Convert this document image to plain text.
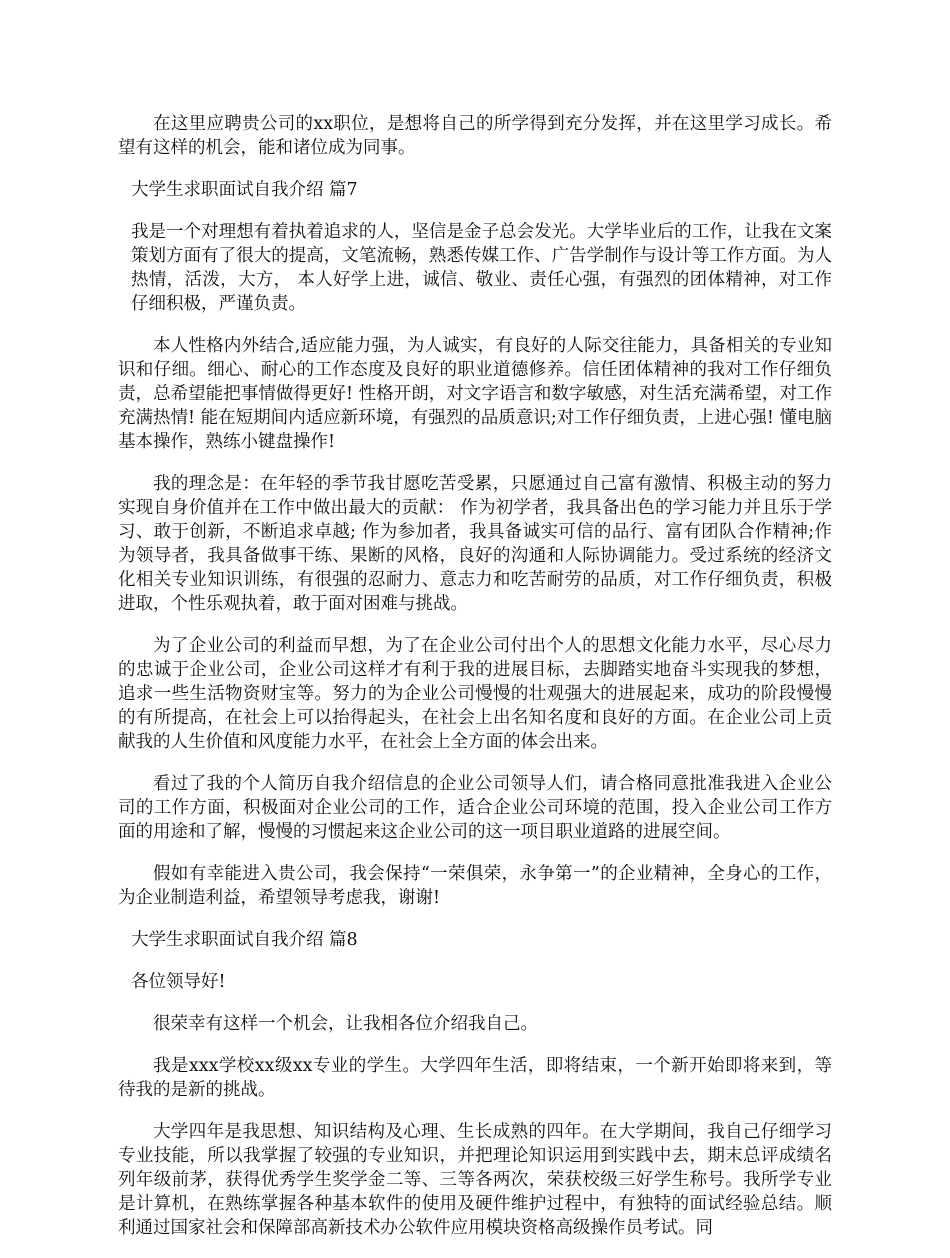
在这里应聘贵公司的xx职位，是想将自己的所学得到充分发挥，并在这里学习成长。希望有这样的机会，能和诸位成为同事。

大学生求职面试自我介绍 篇7

我是一个对理想有着执着追求的人，坚信是金子总会发光。大学毕业后的工作，让我在文案策划方面有了很大的提高，文笔流畅，熟悉传媒工作、广告学制作与设计等工作方面。为人热情，活泼，大方， 本人好学上进，诚信、敬业、责任心强，有强烈的团体精神，对工作仔细积极，严谨负责。

本人性格内外结合,适应能力强，为人诚实，有良好的人际交往能力，具备相关的专业知识和仔细。细心、耐心的工作态度及良好的职业道德修养。信任团体精神的我对工作仔细负责，总希望能把事情做得更好! 性格开朗，对文字语言和数字敏感，对生活充满希望，对工作充满热情! 能在短期间内适应新环境，有强烈的品质意识;对工作仔细负责，上进心强! 懂电脑基本操作，熟练小键盘操作!

我的理念是：在年轻的季节我甘愿吃苦受累，只愿通过自己富有激情、积极主动的努力实现自身价值并在工作中做出最大的贡献： 作为初学者，我具备出色的学习能力并且乐于学习、敢于创新，不断追求卓越; 作为参加者，我具备诚实可信的品行、富有团队合作精神;作为领导者，我具备做事干练、果断的风格，良好的沟通和人际协调能力。受过系统的经济文化相关专业知识训练，有很强的忍耐力、意志力和吃苦耐劳的品质，对工作仔细负责，积极进取，个性乐观执着，敢于面对困难与挑战。

为了企业公司的利益而早想，为了在企业公司付出个人的思想文化能力水平，尽心尽力的忠诚于企业公司，企业公司这样才有利于我的进展目标，去脚踏实地奋斗实现我的梦想，追求一些生活物资财宝等。努力的为企业公司慢慢的壮观强大的进展起来，成功的阶段慢慢的有所提高，在社会上可以抬得起头，在社会上出名知名度和良好的方面。在企业公司上贡献我的人生价值和风度能力水平，在社会上全方面的体会出来。

看过了我的个人简历自我介绍信息的企业公司领导人们，请合格同意批准我进入企业公司的工作方面，积极面对企业公司的工作，适合企业公司环境的范围，投入企业公司工作方面的用途和了解，慢慢的习惯起来这企业公司的这一项目职业道路的进展空间。

假如有幸能进入贵公司，我会保持“一荣俱荣，永争第一”的企业精神，全身心的工作，为企业制造利益，希望领导考虑我，谢谢!

大学生求职面试自我介绍 篇8

各位领导好!

很荣幸有这样一个机会，让我相各位介绍我自己。

我是xxx学校xx级xx专业的学生。大学四年生活，即将结束，一个新开始即将来到，等待我的是新的挑战。

大学四年是我思想、知识结构及心理、生长成熟的四年。在大学期间，我自己仔细学习专业技能，所以我掌握了较强的专业知识，并把理论知识运用到实践中去，期末总评成绩名列年级前茅，获得优秀学生奖学金二等、三等各两次，荣获校级三好学生称号。我所学专业是计算机，在熟练掌握各种基本软件的使用及硬件维护过程中，有独特的面试经验总结。顺利通过国家社会和保障部高新技术办公软件应用模块资格高级操作员考试。同
